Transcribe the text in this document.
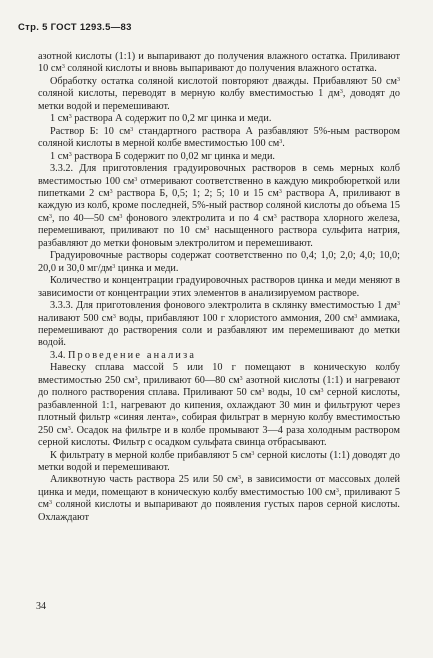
Стр. 5 ГОСТ 1293.5—83

азотной кислоты (1:1) и выпаривают до получения влажного остатка. Приливают 10 $см^3$ соляной кислоты и вновь выпаривают до получения влажного остатка.

Обработку остатка соляной кислотой повторяют дважды. Прибавляют 50 $см^3$ соляной кислоты, переводят в мерную колбу вместимостью 1 $дм^3$, доводят до метки водой и перемешивают.

1 $см^3$ раствора А содержит по 0,2 мг цинка и меди.

Раствор Б: 10 $см^3$ стандартного раствора А разбавляют 5%-ным раствором соляной кислоты в мерной колбе вместимостью 100 $см^3$.

1 $см^3$ раствора Б содержит по 0,02 мг цинка и меди.

3.3.2. Для приготовления градуировочных растворов в семь мерных колб вместимостью 100 $см^3$ отмеривают соответственно в каждую микробюреткой или пипетками 2 $см^3$ раствора Б, 0,5; 1; 2; 5; 10 и 15 $см^3$ раствора А, приливают в каждую из колб, кроме последней, 5%-ный раствор соляной кислоты до объема 15 $см^3$, по 40—50 $см^3$ фонового электролита и по 4 $см^3$ раствора хлорного железа, перемешивают, приливают по 10 $см^3$ насыщенного раствора сульфита натрия, разбавляют до метки фоновым электролитом и перемешивают.

Градуировочные растворы содержат соответственно по 0,4; 1,0; 2,0; 4,0; 10,0; 20,0 и 30,0 $мг/дм^3$ цинка и меди.

Количество и концентрации градуировочных растворов цинка и меди меняют в зависимости от концентрации этих элементов в анализируемом растворе.

3.3.3. Для приготовления фонового электролита в склянку вместимостью 1 $дм^3$ наливают 500 $см^3$ воды, прибавляют 100 г хлористого аммония, 200 $см^3$ аммиака, перемешивают до растворения соли и разбавляют им перемешивают до метки водой.

3.4. Проведение анализа

Навеску сплава массой 5 или 10 г помещают в коническую колбу вместимостью 250 $см^3$, приливают 60—80 $см^3$ азотной кислоты (1:1) и нагревают до полного растворения сплава. Приливают 50 $см^3$ воды, 10 $см^3$ серной кислоты, разбавленной 1:1, нагревают до кипения, охлаждают 30 мин и фильтруют через плотный фильтр «синяя лента», собирая фильтрат в мерную колбу вместимостью 250 $см^3$. Осадок на фильтре и в колбе промывают 3—4 раза холодным раствором серной кислоты. Фильтр с осадком сульфата свинца отбрасывают.

К фильтрату в мерной колбе прибавляют 5 $см^3$ серной кислоты (1:1) доводят до метки водой и перемешивают.

Аликвотную часть раствора 25 или 50 $см^3$, в зависимости от массовых долей цинка и меди, помещают в коническую колбу вместимостью 100 $см^3$, приливают 5 $см^3$ соляной кислоты и выпаривают до появления густых паров серной кислоты. Охлаждают

34
